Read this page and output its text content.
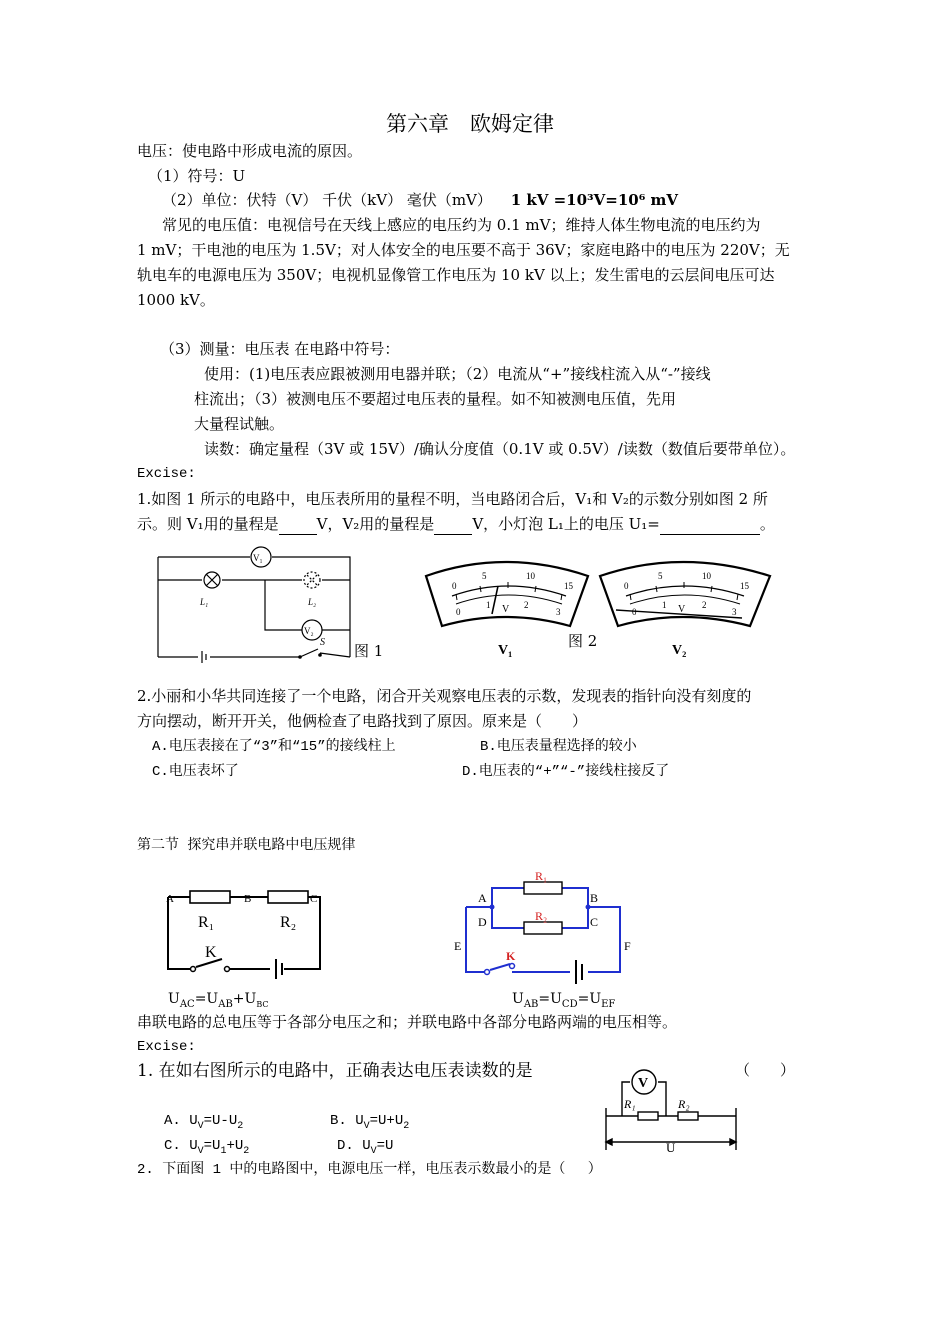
第六章　欧姆定律
电压：使电路中形成电流的原因。
（1）符号：U
（2）单位：伏特（V） 千伏（kV） 毫伏（mV） 1 kV =10³V=10⁶ mV
常见的电压值：电视信号在天线上感应的电压约为 0.1 mV；维持人体生物电流的电压约为
1 mV；干电池的电压为 1.5V；对人体安全的电压要不高于 36V；家庭电路中的电压为 220V；无
轨电车的电源电压为 350V；电视机显像管工作电压为 10 kV 以上；发生雷电的云层间电压可达
1000 kV。
（3）测量：电压表 在电路中符号：
使用：(1)电压表应跟被测用电器并联；（2）电流从“+”接线柱流入从“-”接线
柱流出；（3）被测电压不要超过电压表的量程。如不知被测电压值，先用
大量程试触。
读数：确定量程（3V 或 15V）/确认分度值（0.1V 或 0.5V）/读数（数值后要带单位）。
Excise:
1.如图 1 所示的电路中，电压表所用的量程不明，当电路闭合后，V₁和 V₂的示数分别如图 2 所
示。则 V₁用的量程是	V，V₂用的量程是	V，小灯泡 L₁上的电压 U₁=	。
V₁
V₂
L₁	L₂
S 图 1
0
5	10
15
0
1	2
3
V
V₁
0
5	10
15
0
1	2
3
V
V₂
图 2
2.小丽和小华共同连接了一个电路，闭合开关观察电压表的示数，发现表的指针向没有刻度的
方向摆动，断开开关，他俩检查了电路找到了原因。原来是（　　）
A.电压表接在了“3”和“15”的接线柱上	B.电压表量程选择的较小
C.电压表坏了	D.电压表的“+”“-”接线柱接反了
第二节 探究串并联电路中电压规律
A	B	C
R₁	R₂
K
A	B
D	C
E	F
R₁
R₂
K
$U_{AC}=U_{AB}+U_{BC}$	$U_{AB}=U_{CD}=U_{EF}$
串联电路的总电压等于各部分电压之和；并联电路中各部分电路两端的电压相等。
Excise:
1. 在如右图所示的电路中，正确表达电压表读数的是	（　　）
V
R₁	R₂
U
A. $U_V=U-U_2$	B. $U_V=U+U_2$
C. $U_V=U_1+U_2$	D. $U_V=U$
2. 下面图 1 中的电路图中，电源电压一样，电压表示数最小的是（　 ）
